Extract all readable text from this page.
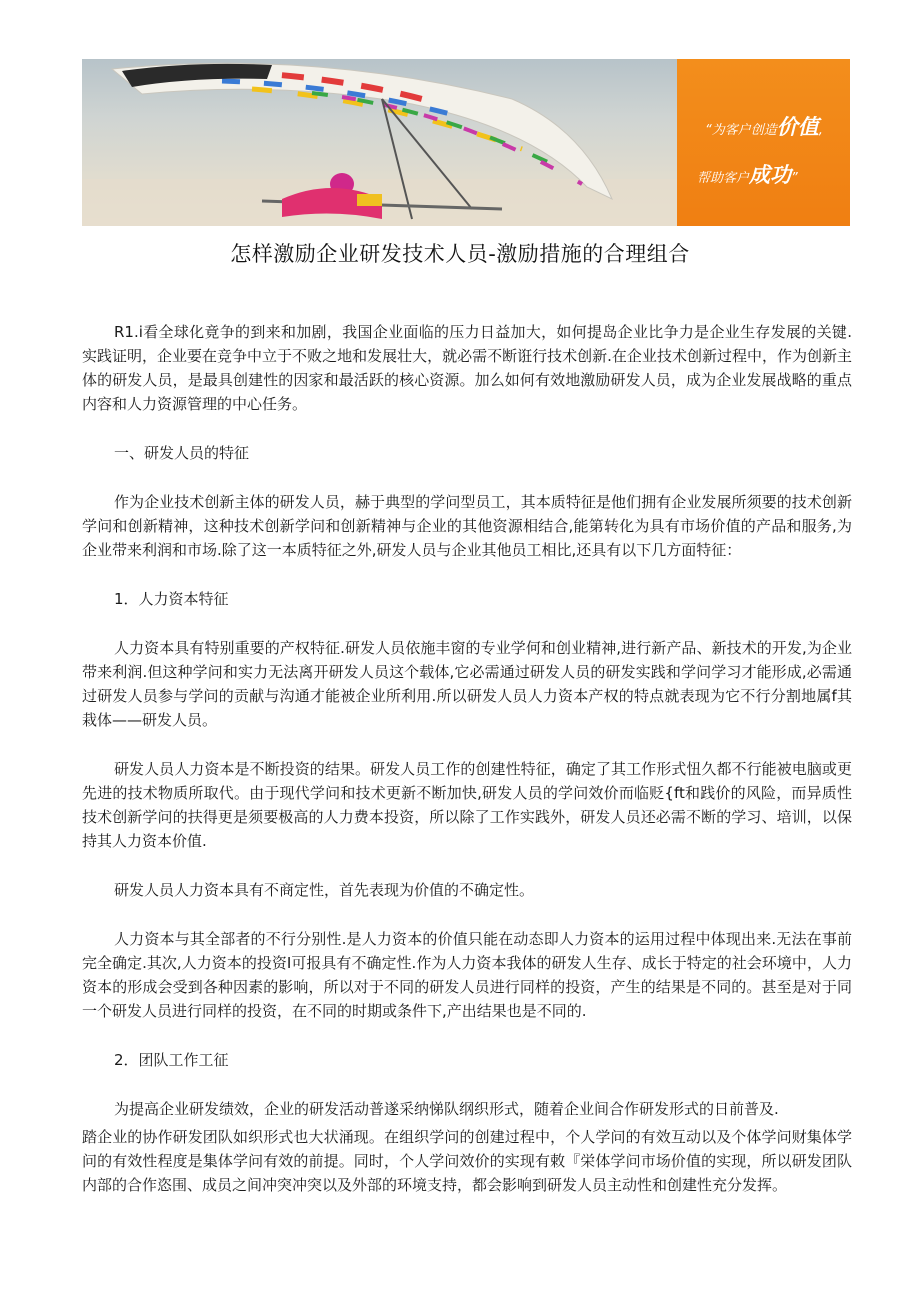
“为客户创造价值,
帮助客户成功”
怎样激励企业研发技术人员-激励措施的合理组合

R1.i看全球化竟争的到来和加剧，我国企业面临的压力日益加大，如何提岛企业比争力是企业生存发展的关键.实践证明，企业要在竞争中立于不败之地和发展壮大，就必需不断诳行技术创新.在企业技术创新过程中，作为创新主体的研发人员，是最具创建性的因家和最活跃的核心资源。加么如何有效地激励研发人员，成为企业发展战略的重点内容和人力资源管理的中心任务。

一、研发人员的特征

作为企业技术创新主体的研发人员，赫于典型的学问型员工，其本质特征是他们拥有企业发展所须要的技术创新学问和创新精神，这种技术创新学问和创新精神与企业的其他资源相结合,能第转化为具有市场价值的产品和服务,为企业带来利润和市场.除了这一本质特征之外,研发人员与企业其他员工相比,还具有以下几方面特征：

1．人力资本特征

人力资本具有特别重要的产权特征.研发人员依施丰窗的专业学何和创业精神,进行新产品、新技术的开发,为企业带来利润.但这种学问和实力无法离开研发人员这个载体,它必需通过研发人员的研发实践和学问学习才能形成,必需通过研发人员参与学问的贡献与沟通才能被企业所利用.所以研发人员人力资本产权的特点就表现为它不行分割地属f其栽体——研发人员。

研发人员人力资本是不断投资的结果。研发人员工作的创建性特征，确定了其工作形式忸久都不行能被电脑或更先进的技术物质所取代。由于现代学问和技术更新不断加快,研发人员的学问效价而临贬{ft和践价的风险，而异质性技术创新学问的扶得更是须要极高的人力费本投资，所以除了工作实践外，研发人员还必需不断的学习、培训，以保持其人力资本价值.

研发人员人力资本具有不商定性，首先表现为价值的不确定性。

人力资本与其全部者的不行分别性.是人力资本的价值只能在动态即人力资本的运用过程中体现出来.无法在事前完全确定.其次,人力资本的投资I可报具有不确定性.作为人力资本我体的研发人生存、成长于特定的社会环境中，人力资本的形成会受到各种因素的影响，所以对于不同的研发人员进行同样的投资，产生的结果是不同的。甚至是对于同一个研发人员进行同样的投资，在不同的时期或条件下,产出结果也是不同的.

2．团队工作工征

为提高企业研发绩效，企业的研发活动普遂采纳悌队纲织形式，随着企业间合作研发形式的日前普及.

踏企业的协作研发团队如织形式也大状涌现。在组织学问的创建过程中，个人学问的有效互动以及个体学问财集体学问的有效性程度是集体学问有效的前提。同时，个人学问效价的实现有敕『栄体学问市场价值的实现，所以研发团队内部的合作恣围、成员之间冲突冲突以及外部的环境支持，都会影响到研发人员主动性和创建性充分发挥。
